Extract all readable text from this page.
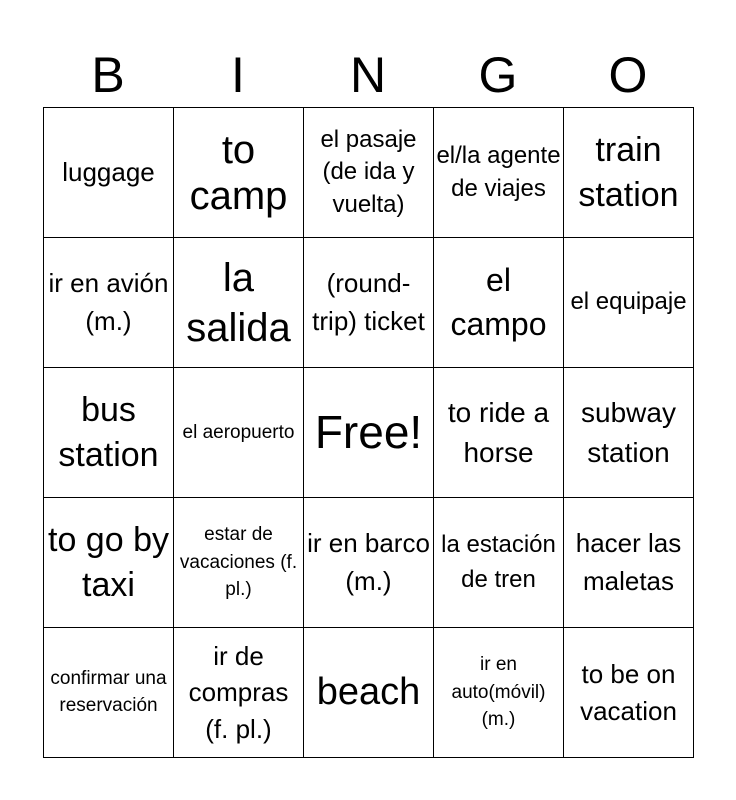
B	I	N	G	O
luggage	to camp	el pasaje (de ida y vuelta)	el/la agente de viajes	train station

ir en avión (m.)	la salida	(round-trip) ticket	el campo	el equipaje

bus station	el aeropuerto	Free!	to ride a horse	subway station

to go by taxi	estar de vacaciones (f. pl.)	ir en barco (m.)	la estación de tren	hacer las maletas

confirmar una reservación	ir de compras (f. pl.)	beach	ir en auto(móvil) (m.)	to be on vacation
